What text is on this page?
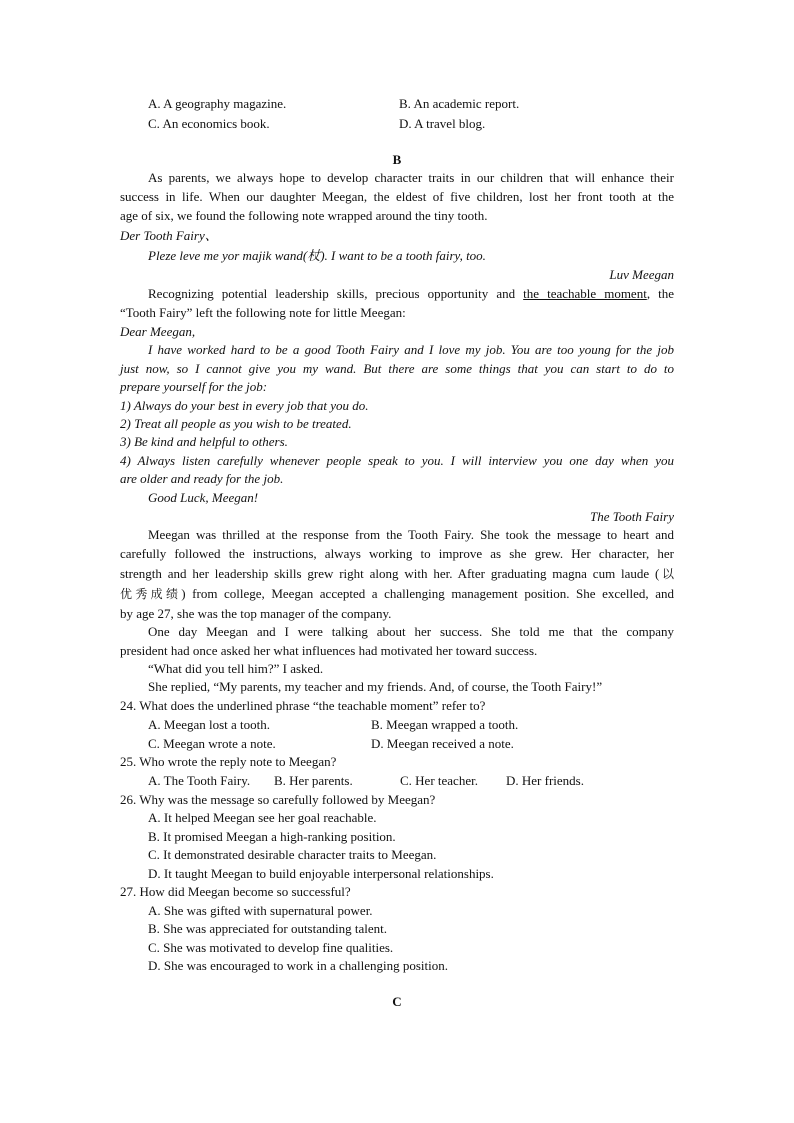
A. A geography magazine.	B. An academic report.
C. An economics book.	D. A travel blog.
B
As parents, we always hope to develop character traits in our children that will enhance their
success in life. When our daughter Meegan, the eldest of five children, lost her front tooth at the
age of six, we found the following note wrapped around the tiny tooth.
Der Tooth Fairy、
Pleze leve me yor majik wand(杖). I want to be a tooth fairy, too.
Luv Meegan
Recognizing potential leadership skills, precious opportunity and the teachable moment, the
“Tooth Fairy” left the following note for little Meegan:
Dear Meegan,
I have worked hard to be a good Tooth Fairy and I love my job. You are too young for the job
just now, so I cannot give you my wand. But there are some things that you can start to do to
prepare yourself for the job:
1) Always do your best in every job that you do.
2) Treat all people as you wish to be treated.
3) Be kind and helpful to others.
4) Always listen carefully whenever people speak to you. I will interview you one day when you
are older and ready for the job.
Good Luck, Meegan!
The Tooth Fairy
Meegan was thrilled at the response from the Tooth Fairy. She took the message to heart and
carefully followed the instructions, always working to improve as she grew. Her character, her
strength and her leadership skills grew right along with her. After graduating magna cum laude (以
优秀成绩) from college, Meegan accepted a challenging management position. She excelled, and
by age 27, she was the top manager of the company.
One day Meegan and I were talking about her success. She told me that the company
president had once asked her what influences had motivated her toward success.
“What did you tell him?” I asked.
She replied, “My parents, my teacher and my friends. And, of course, the Tooth Fairy!”
24. What does the underlined phrase “the teachable moment” refer to?
A. Meegan lost a tooth.	B. Meegan wrapped a tooth.
C. Meegan wrote a note.	D. Meegan received a note.
25. Who wrote the reply note to Meegan?
A. The Tooth Fairy. B. Her parents.	C. Her teacher. D. Her friends.
26. Why was the message so carefully followed by Meegan?
A. It helped Meegan see her goal reachable.
B. It promised Meegan a high-ranking position.
C. It demonstrated desirable character traits to Meegan.
D. It taught Meegan to build enjoyable interpersonal relationships.
27. How did Meegan become so successful?
A. She was gifted with supernatural power.
B. She was appreciated for outstanding talent.
C. She was motivated to develop fine qualities.
D. She was encouraged to work in a challenging position.
C
